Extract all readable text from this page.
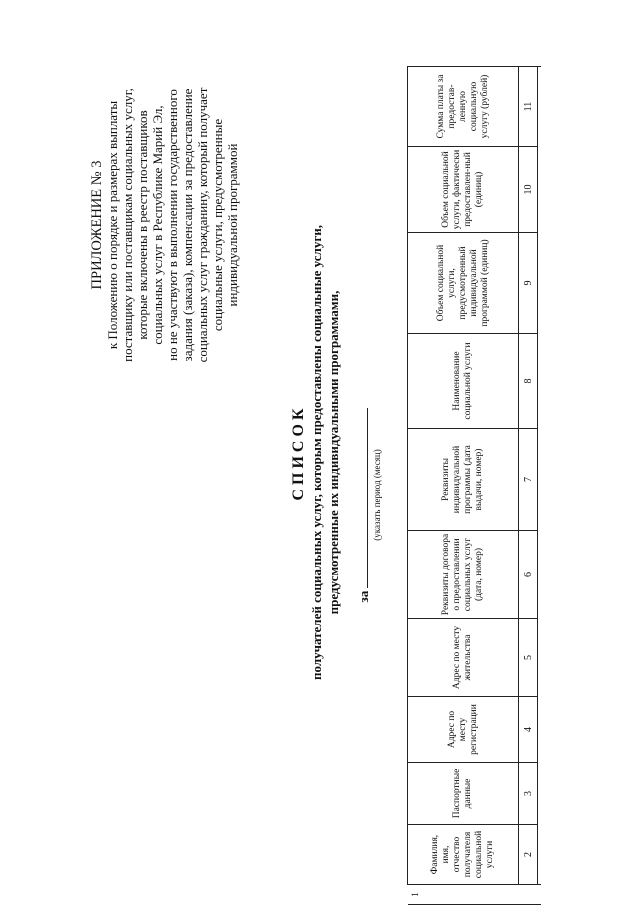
ПРИЛОЖЕНИЕ № 3 к Положению о порядке и размерах выплаты поставщику или поставщикам социальных услуг, которые включены в реестр поставщиков социальных услуг в Республике Марий Эл, но не участвуют в выполнении государственного задания (заказа), компенсации за предоставление социальных услуг гражданину, который получает социальные услуги, предусмотренные индивидуальной программой
СПИСОК получателей социальных услуг, которым предоставлены социальные услуги, предусмотренные их индивидуальными программами, за
(указать период (месяц)
1	Фамилия, имя, отчество получателя социальной услуги	Паспортные данные	Адрес по месту регистрации	Адрес по месту жительства	Реквизиты договора о предоставлении социальных услуг (дата, номер)	Реквизиты индивидуальной программы (дата выдачи, номер)	Наименование социальной услуги	Объем социальной услуги, предусмотренный индивидуальной программой (единиц)	Объем социальной услуги, фактически предоставлен-ный (единиц)	Сумма платы за предостав-ленную социальную услугу (рублей)
	2	3	4	5	6	7	8	9	10	11
